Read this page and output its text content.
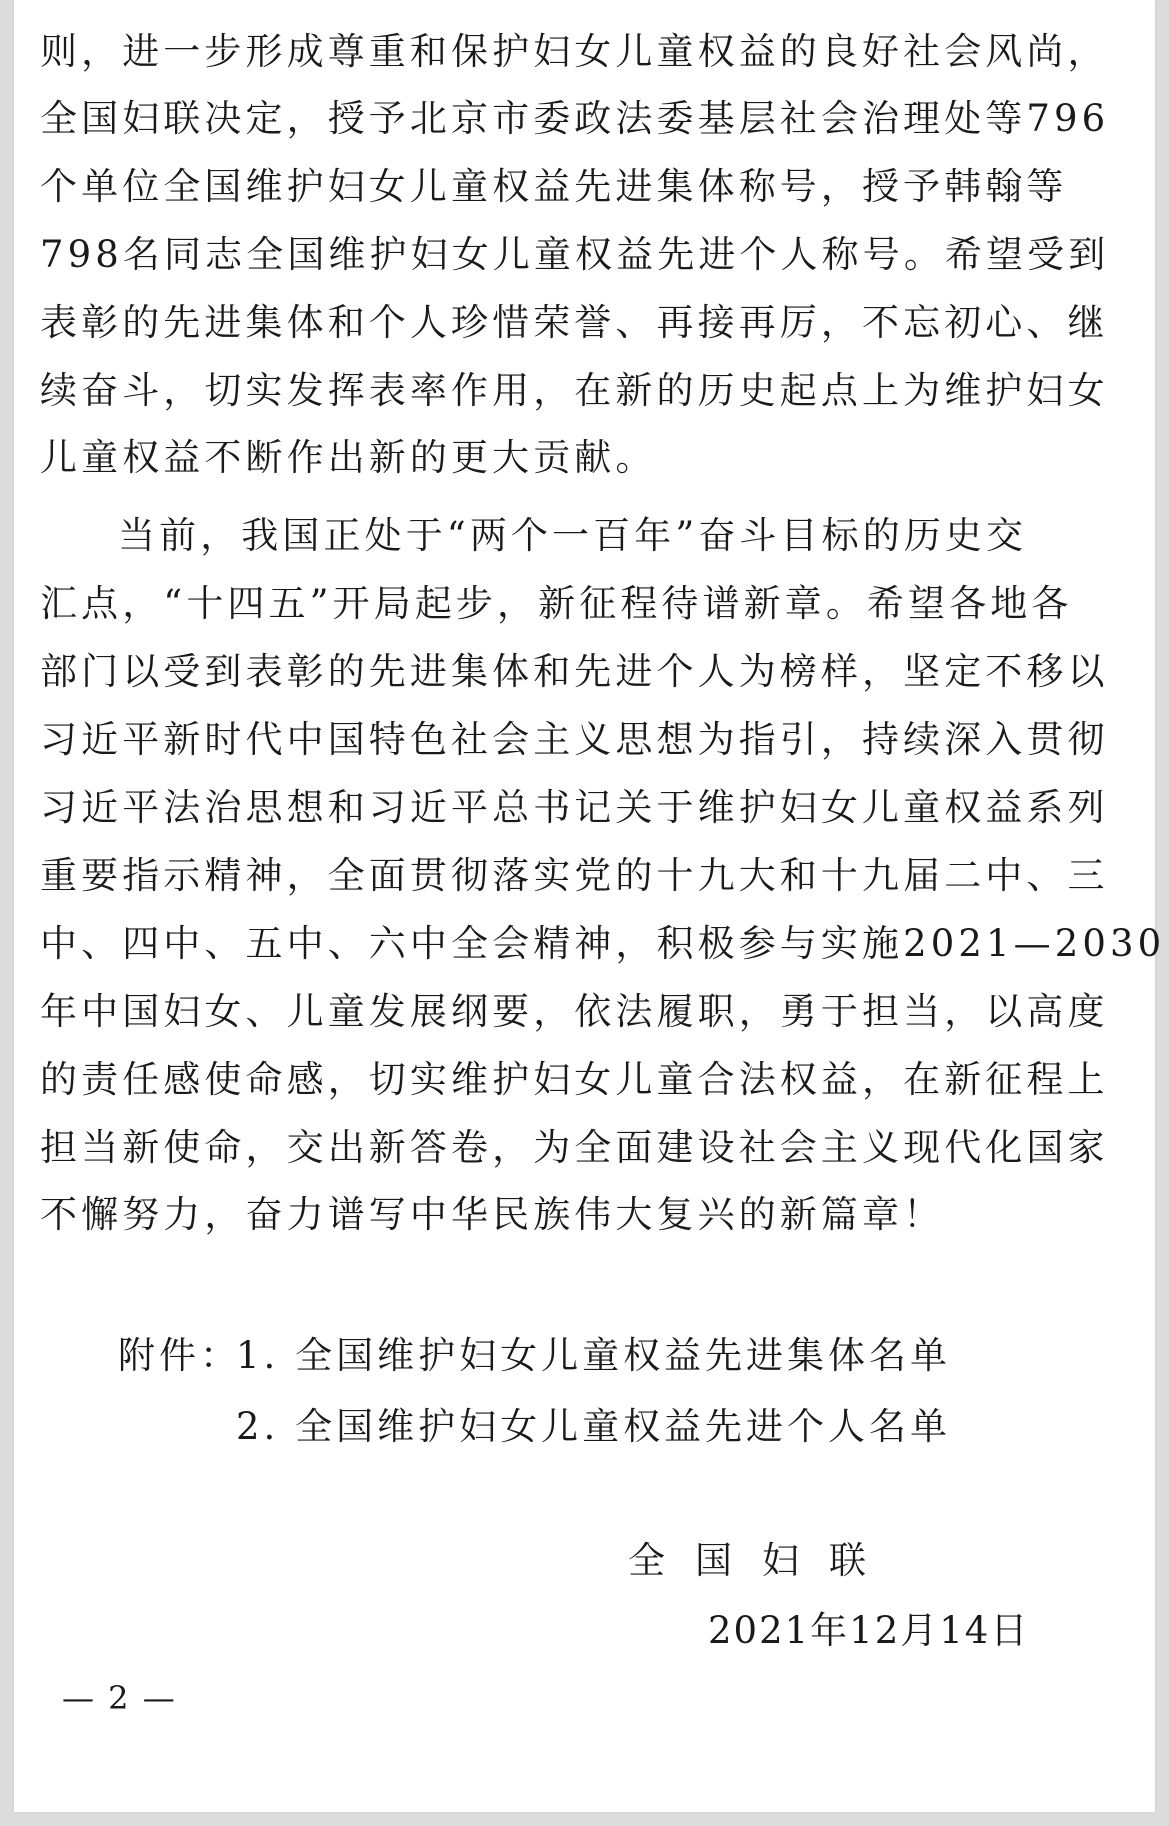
则，进一步形成尊重和保护妇女儿童权益的良好社会风尚，

全国妇联决定，授予北京市委政法委基层社会治理处等796

个单位全国维护妇女儿童权益先进集体称号，授予韩翰等

798名同志全国维护妇女儿童权益先进个人称号。希望受到

表彰的先进集体和个人珍惜荣誉、再接再厉，不忘初心、继

续奋斗，切实发挥表率作用，在新的历史起点上为维护妇女

儿童权益不断作出新的更大贡献。

当前，我国正处于“两个一百年”奋斗目标的历史交

汇点，“十四五”开局起步，新征程待谱新章。希望各地各

部门以受到表彰的先进集体和先进个人为榜样，坚定不移以

习近平新时代中国特色社会主义思想为指引，持续深入贯彻

习近平法治思想和习近平总书记关于维护妇女儿童权益系列

重要指示精神，全面贯彻落实党的十九大和十九届二中、三

中、四中、五中、六中全会精神，积极参与实施2021—2030

年中国妇女、儿童发展纲要，依法履职，勇于担当，以高度

的责任感使命感，切实维护妇女儿童合法权益，在新征程上

担当新使命，交出新答卷，为全面建设社会主义现代化国家

不懈努力，奋力谱写中华民族伟大复兴的新篇章！

附件：

1. 全国维护妇女儿童权益先进集体名单

2. 全国维护妇女儿童权益先进个人名单

全国妇联

2021年12月14日

— 2 —
